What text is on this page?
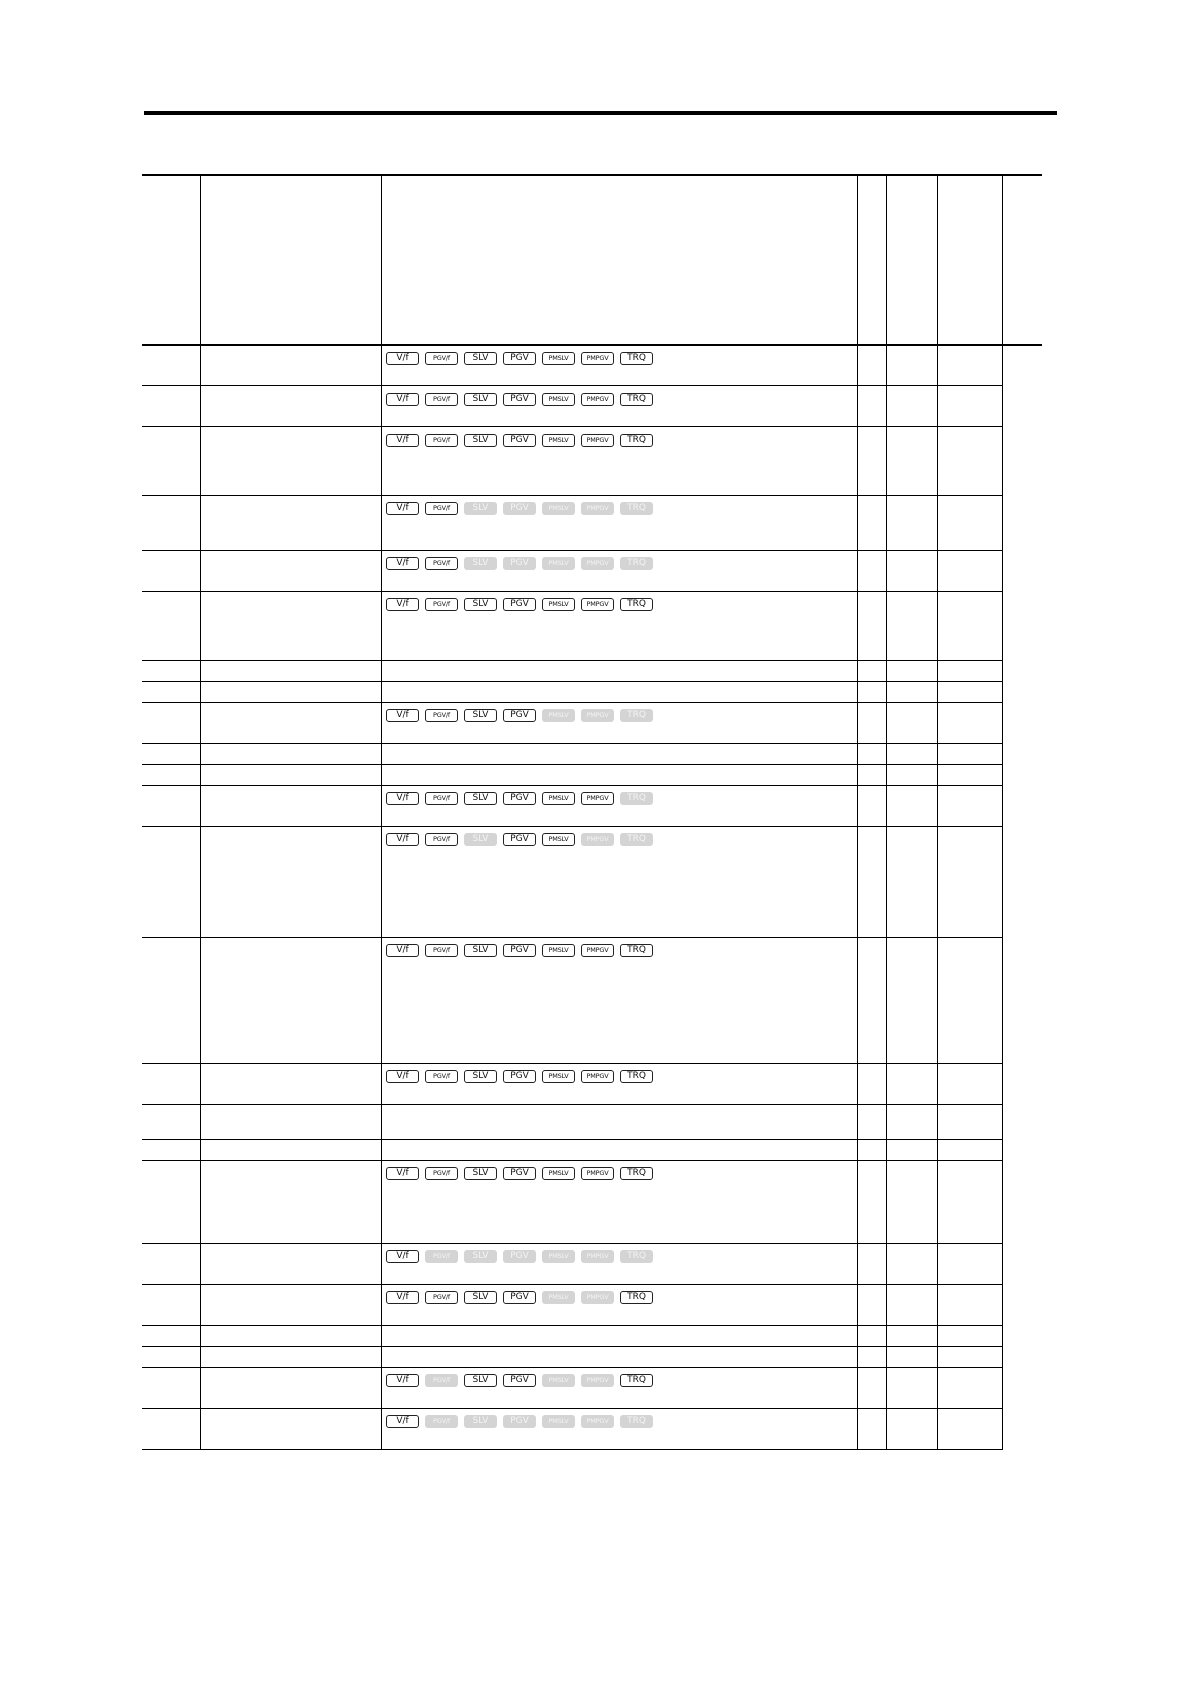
V/f	PGV/f	SLV	PGV	PMSLV	PMPGV	TRQ
V/f	PGV/f	SLV	PGV	PMSLV	PMPGV	TRQ
V/f	PGV/f	SLV	PGV	PMSLV	PMPGV	TRQ
V/f	PGV/f	SLV	PGV	PMSLV	PMPGV	TRQ
V/f	PGV/f	SLV	PGV	PMSLV	PMPGV	TRQ
V/f	PGV/f	SLV	PGV	PMSLV	PMPGV	TRQ
V/f	PGV/f	SLV	PGV	PMSLV	PMPGV	TRQ
V/f	PGV/f	SLV	PGV	PMSLV	PMPGV	TRQ
V/f	PGV/f	SLV	PGV	PMSLV	PMPGV	TRQ
V/f	PGV/f	SLV	PGV	PMSLV	PMPGV	TRQ
V/f	PGV/f	SLV	PGV	PMSLV	PMPGV	TRQ
V/f	PGV/f	SLV	PGV	PMSLV	PMPGV	TRQ
V/f	PGV/f	SLV	PGV	PMSLV	PMPGV	TRQ
V/f	PGV/f	SLV	PGV	PMSLV	PMPGV	TRQ
V/f	PGV/f	SLV	PGV	PMSLV	PMPGV	TRQ
V/f	PGV/f	SLV	PGV	PMSLV	PMPGV	TRQ
